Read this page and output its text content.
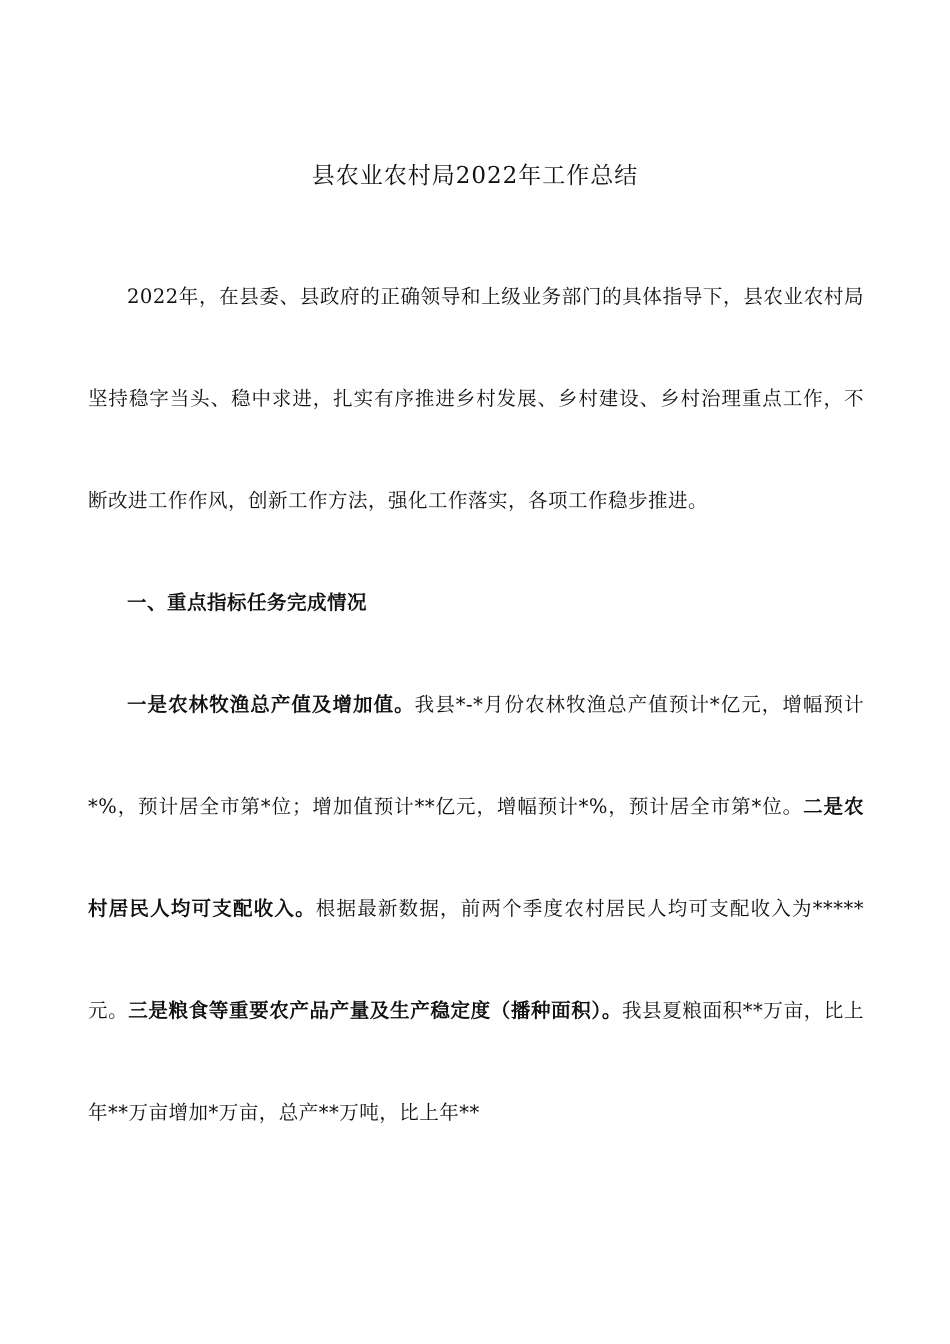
县农业农村局2022年工作总结

2022年，在县委、县政府的正确领导和上级业务部门的具体指导下，县农业农村局坚持稳字当头、稳中求进，扎实有序推进乡村发展、乡村建设、乡村治理重点工作，不断改进工作作风，创新工作方法，强化工作落实，各项工作稳步推进。

一、重点指标任务完成情况

一是农林牧渔总产值及增加值。我县*-*月份农林牧渔总产值预计*亿元，增幅预计*%，预计居全市第*位；增加值预计**亿元，增幅预计*%，预计居全市第*位。二是农村居民人均可支配收入。根据最新数据，前两个季度农村居民人均可支配收入为*****元。三是粮食等重要农产品产量及生产稳定度（播种面积）。我县夏粮面积**万亩，比上年**万亩增加*万亩，总产**万吨，比上年**
